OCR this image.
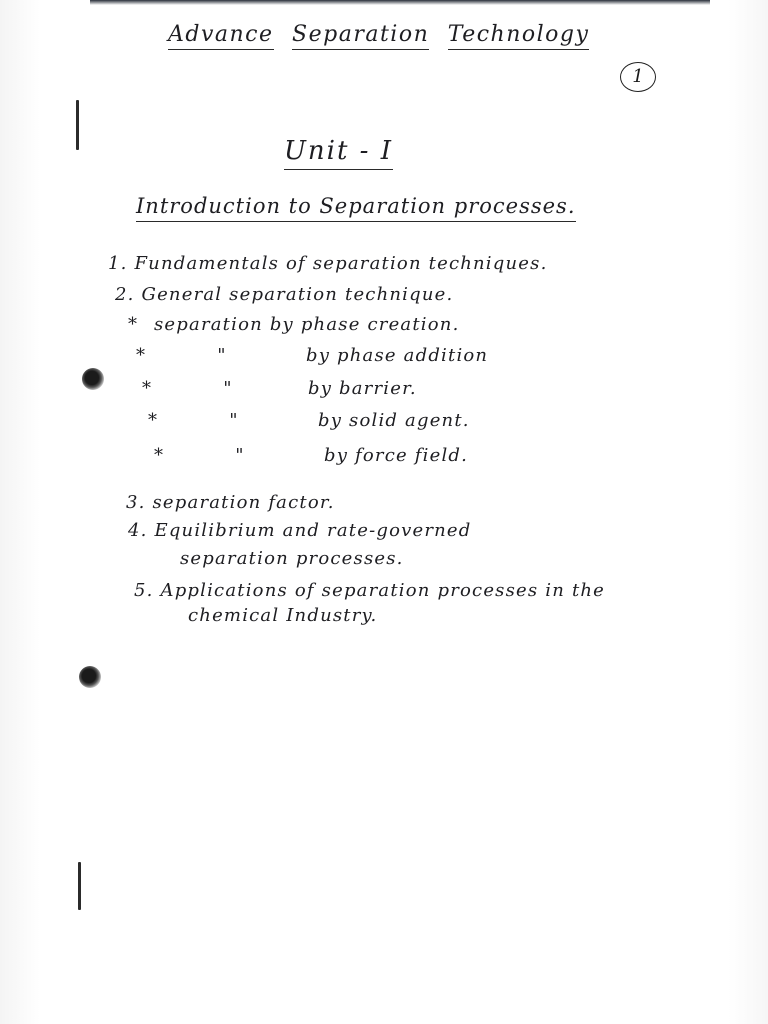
Advance Separation Technology
1
Unit - I
Introduction to Separation processes.
1. Fundamentals of separation techniques.
2. General separation technique.
* separation by phase creation.
*	"	by phase addition
*	"	by barrier.
*	"	by solid agent.
*	"	by force field.
3. separation factor.
4. Equilibrium and rate-governed
separation processes.
5. Applications of separation processes in the
chemical Industry.
